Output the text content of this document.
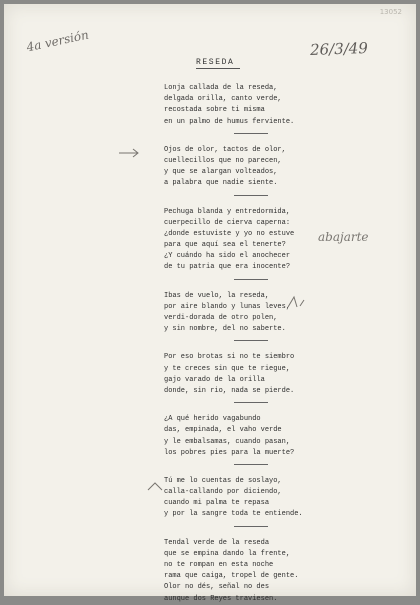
13052
4a versión	26/3/49
RESEDA
abajarte
Lonja callada de la reseda,
delgada orilla, canto verde,
recostada sobre ti misma
en un palmo de humus ferviente.
Ojos de olor, tactos de olor,
cuellecillos que no parecen,
y que se alargan volteados,
a palabra que nadie siente.
Pechuga blanda y entredormida,
cuerpecillo de cierva caperna:
¿donde estuviste y yo no estuve
para que aquí sea el tenerte?
¿Y cuándo ha sido el anochecer
de tu patria que era inocente?
Ibas de vuelo, la reseda,
por aire blando y lunas leves,
verdi-dorada de otro polen,
y sin nombre, del no saberte.
Por eso brotas si no te siembro
y te creces sin que te riegue,
gajo varado de la orilla
donde, sin rio, nada se pierde.
¿A qué herido vagabundo
das, empinada, el vaho verde
y le embalsamas, cuando pasan,
los pobres pies para la muerte?
Tú me lo cuentas de soslayo,
calla-callando por diciendo,
cuando mi palma te repasa
y por la sangre toda te entiende.
Tendal verde de la reseda
que se empina dando la frente,
no te rompan en esta noche
rama que caiga, tropel de gente.
Olor no dés, señal no des
aunque dos Reyes traviesen.
